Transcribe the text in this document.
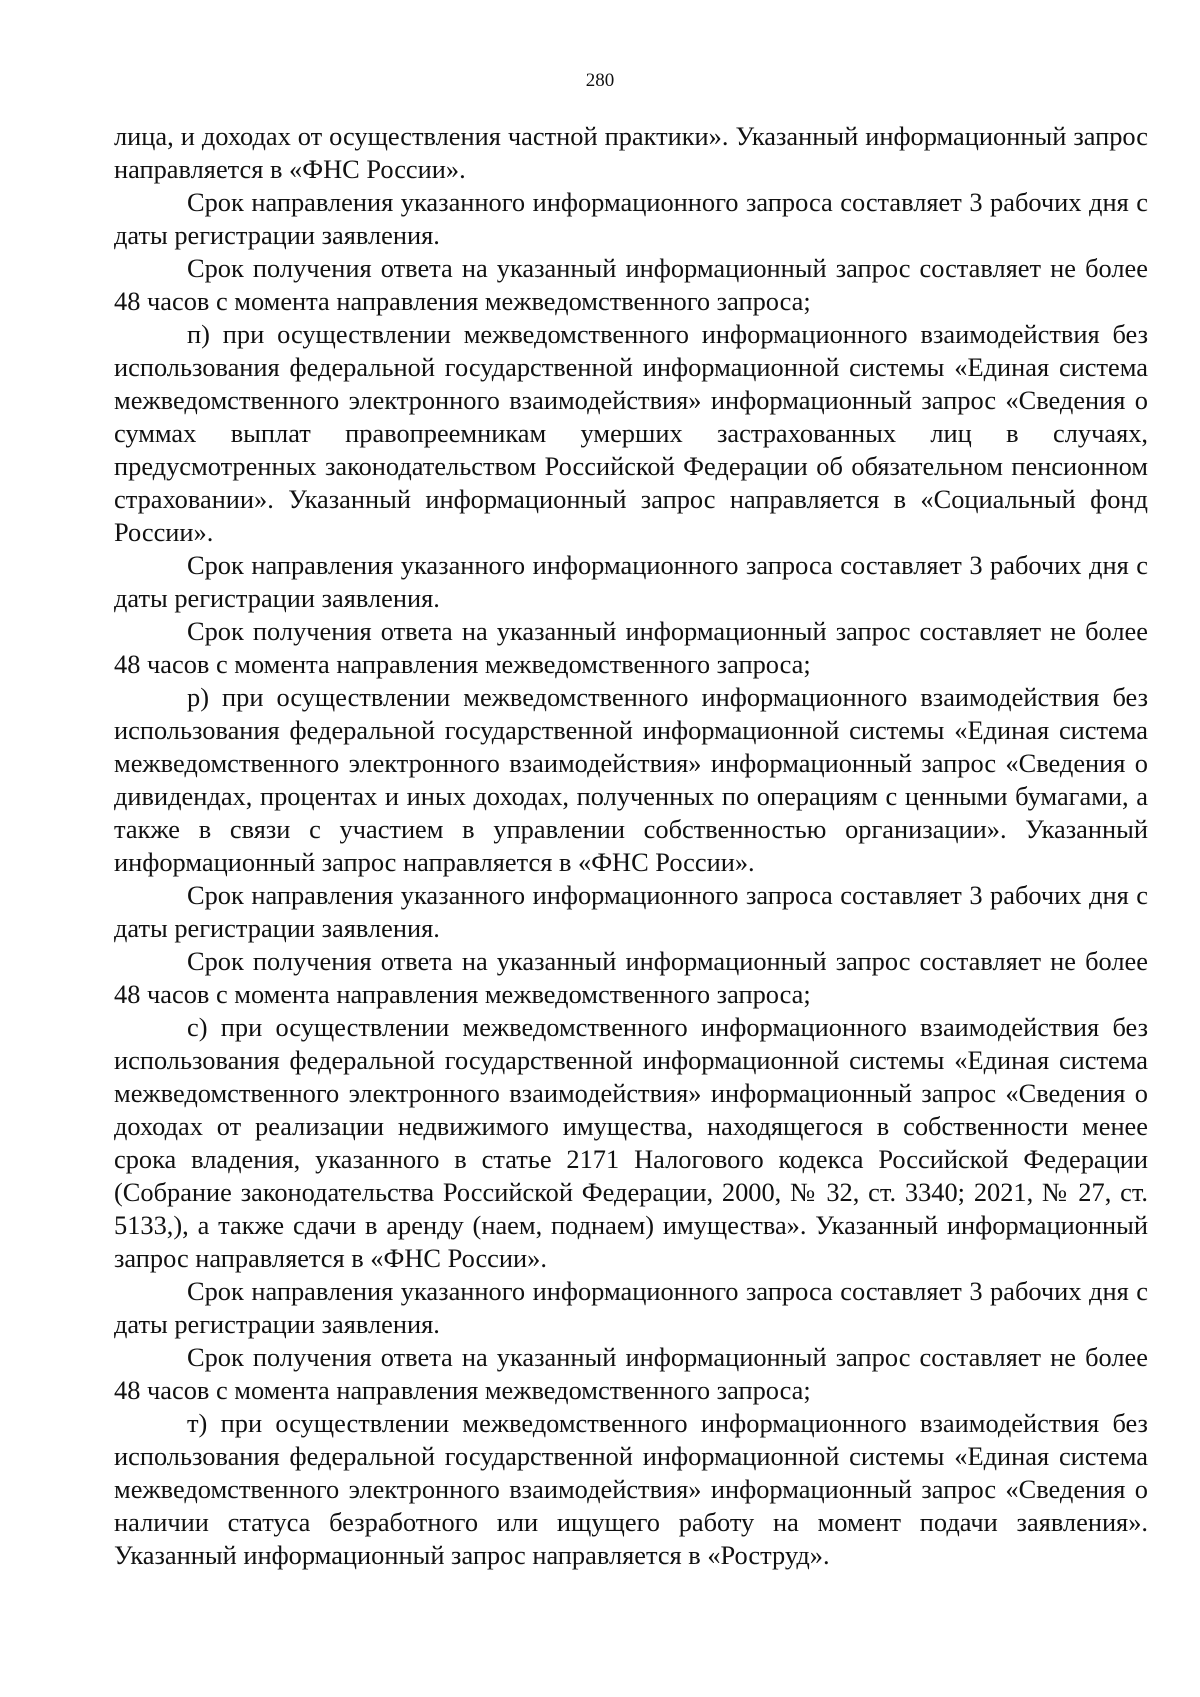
280

лица, и доходах от осуществления частной практики». Указанный информационный запрос направляется в «ФНС России».

Срок направления указанного информационного запроса составляет 3 рабочих дня с даты регистрации заявления.

Срок получения ответа на указанный информационный запрос составляет не более 48 часов с момента направления межведомственного запроса;

п) при осуществлении межведомственного информационного взаимодействия без использования федеральной государственной информационной системы «Единая система межведомственного электронного взаимодействия» информационный запрос «Сведения о суммах выплат правопреемникам умерших застрахованных лиц в случаях, предусмотренных законодательством Российской Федерации об обязательном пенсионном страховании». Указанный информационный запрос направляется в «Социальный фонд России».

Срок направления указанного информационного запроса составляет 3 рабочих дня с даты регистрации заявления.

Срок получения ответа на указанный информационный запрос составляет не более 48 часов с момента направления межведомственного запроса;

р) при осуществлении межведомственного информационного взаимодействия без использования федеральной государственной информационной системы «Единая система межведомственного электронного взаимодействия» информационный запрос «Сведения о дивидендах, процентах и иных доходах, полученных по операциям с ценными бумагами, а также в связи с участием в управлении собственностью организации». Указанный информационный запрос направляется в «ФНС России».

Срок направления указанного информационного запроса составляет 3 рабочих дня с даты регистрации заявления.

Срок получения ответа на указанный информационный запрос составляет не более 48 часов с момента направления межведомственного запроса;

с) при осуществлении межведомственного информационного взаимодействия без использования федеральной государственной информационной системы «Единая система межведомственного электронного взаимодействия» информационный запрос «Сведения о доходах от реализации недвижимого имущества, находящегося в собственности менее срока владения, указанного в статье 2171 Налогового кодекса Российской Федерации (Собрание законодательства Российской Федерации, 2000, № 32, ст. 3340; 2021, № 27, ст. 5133,), а также сдачи в аренду (наем, поднаем) имущества». Указанный информационный запрос направляется в «ФНС России».

Срок направления указанного информационного запроса составляет 3 рабочих дня с даты регистрации заявления.

Срок получения ответа на указанный информационный запрос составляет не более 48 часов с момента направления межведомственного запроса;

т) при осуществлении межведомственного информационного взаимодействия без использования федеральной государственной информационной системы «Единая система межведомственного электронного взаимодействия» информационный запрос «Сведения о наличии статуса безработного или ищущего работу на момент подачи заявления». Указанный информационный запрос направляется в «Роструд».
